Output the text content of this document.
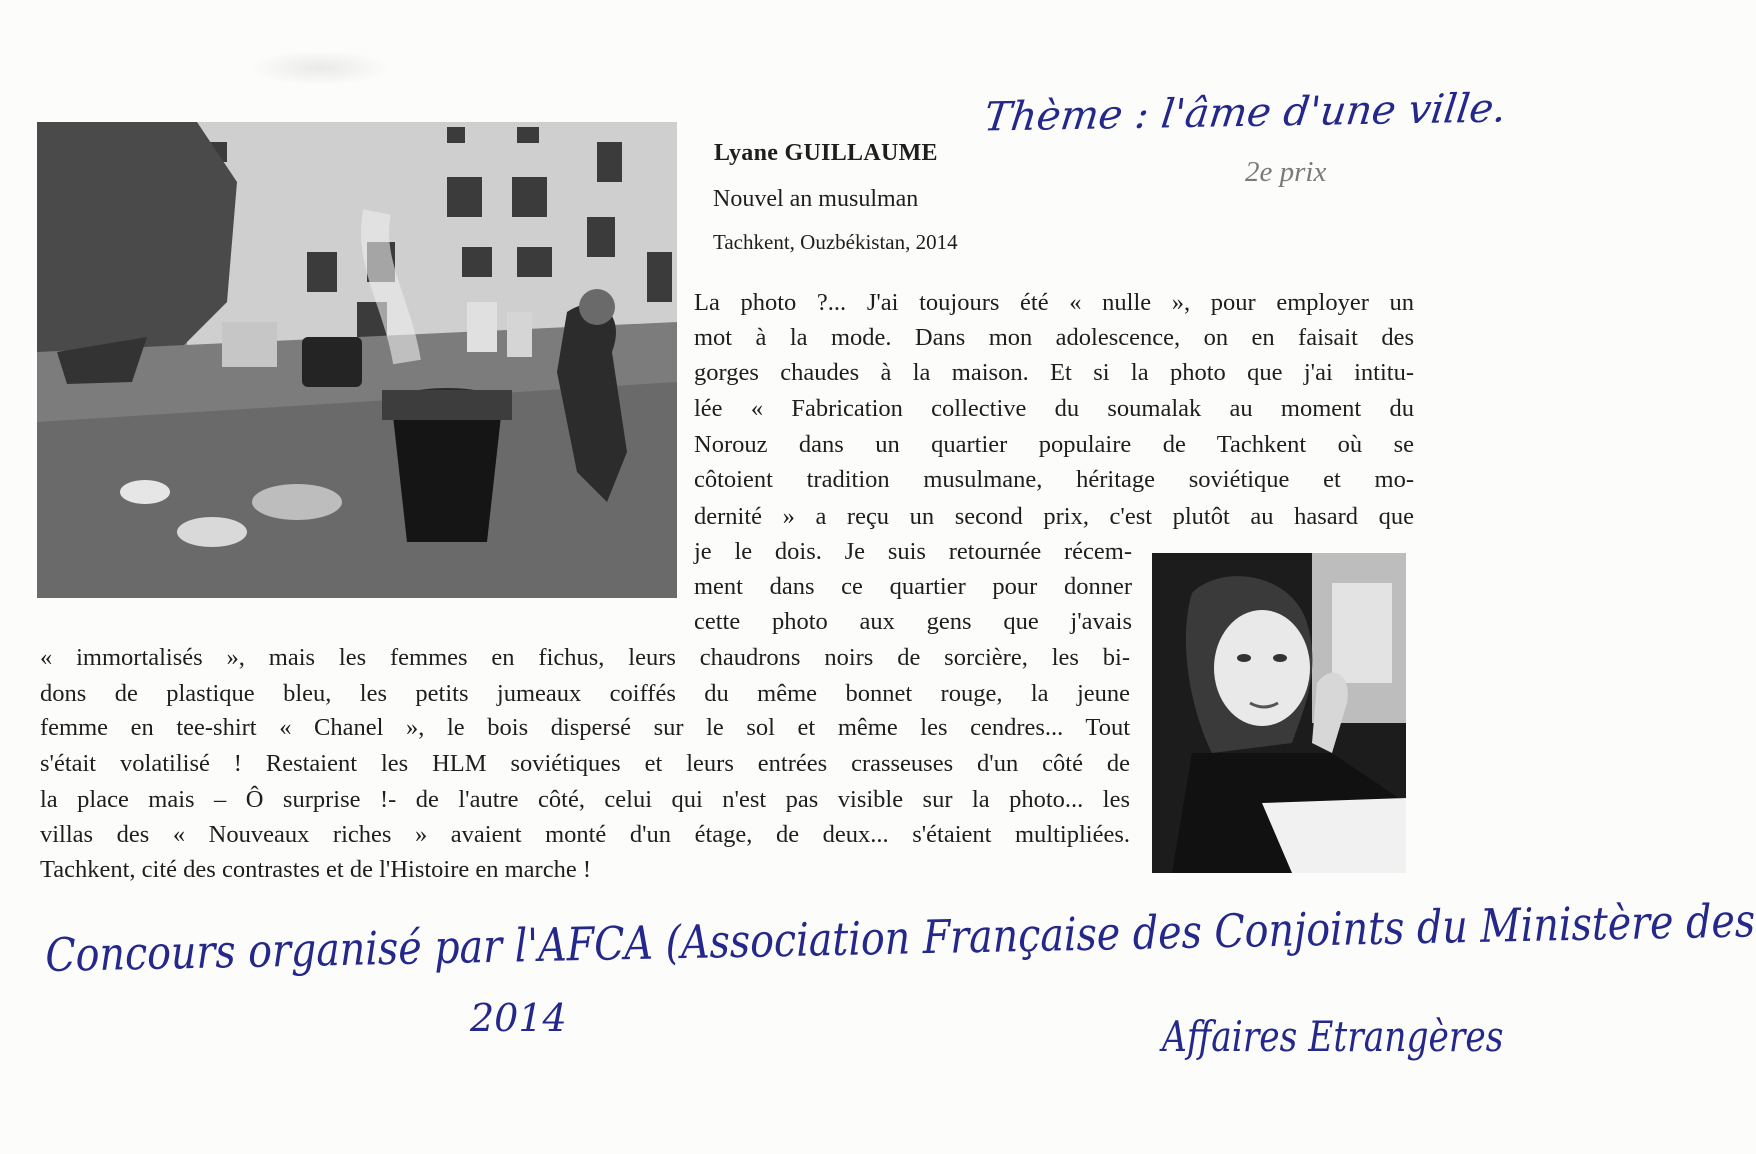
Thème : l'âme d'une ville.
2e prix
Lyane GUILLAUME
Nouvel an musulman
Tachkent, Ouzbékistan, 2014
La photo ?... J'ai toujours été « nulle », pour employer un
mot à la mode. Dans mon adolescence, on en faisait des
gorges chaudes à la maison. Et si la photo que j'ai intitu-
lée « Fabrication collective du soumalak au moment du
Norouz dans un quartier populaire de Tachkent où se
côtoient tradition musulmane, héritage soviétique et mo-
dernité » a reçu un second prix, c'est plutôt au hasard que
je le dois. Je suis retournée récem-
ment dans ce quartier pour donner
cette photo aux gens que j'avais
« immortalisés », mais les femmes en fichus, leurs chaudrons noirs de sorcière, les bi-
dons de plastique bleu, les petits jumeaux coiffés du même bonnet rouge, la jeune
femme en tee-shirt « Chanel », le bois dispersé sur le sol et même les cendres... Tout
s'était volatilisé ! Restaient les HLM soviétiques et leurs entrées crasseuses d'un côté de
la place mais – Ô surprise !- de l'autre côté, celui qui n'est pas visible sur la photo... les
villas des « Nouveaux riches » avaient monté d'un étage, de deux... s'étaient multipliées.
Tachkent, cité des contrastes et de l'Histoire en marche !
Concours organisé par l'AFCA (Association Française des Conjoints du Ministère des
2014	Affaires Etrangères
